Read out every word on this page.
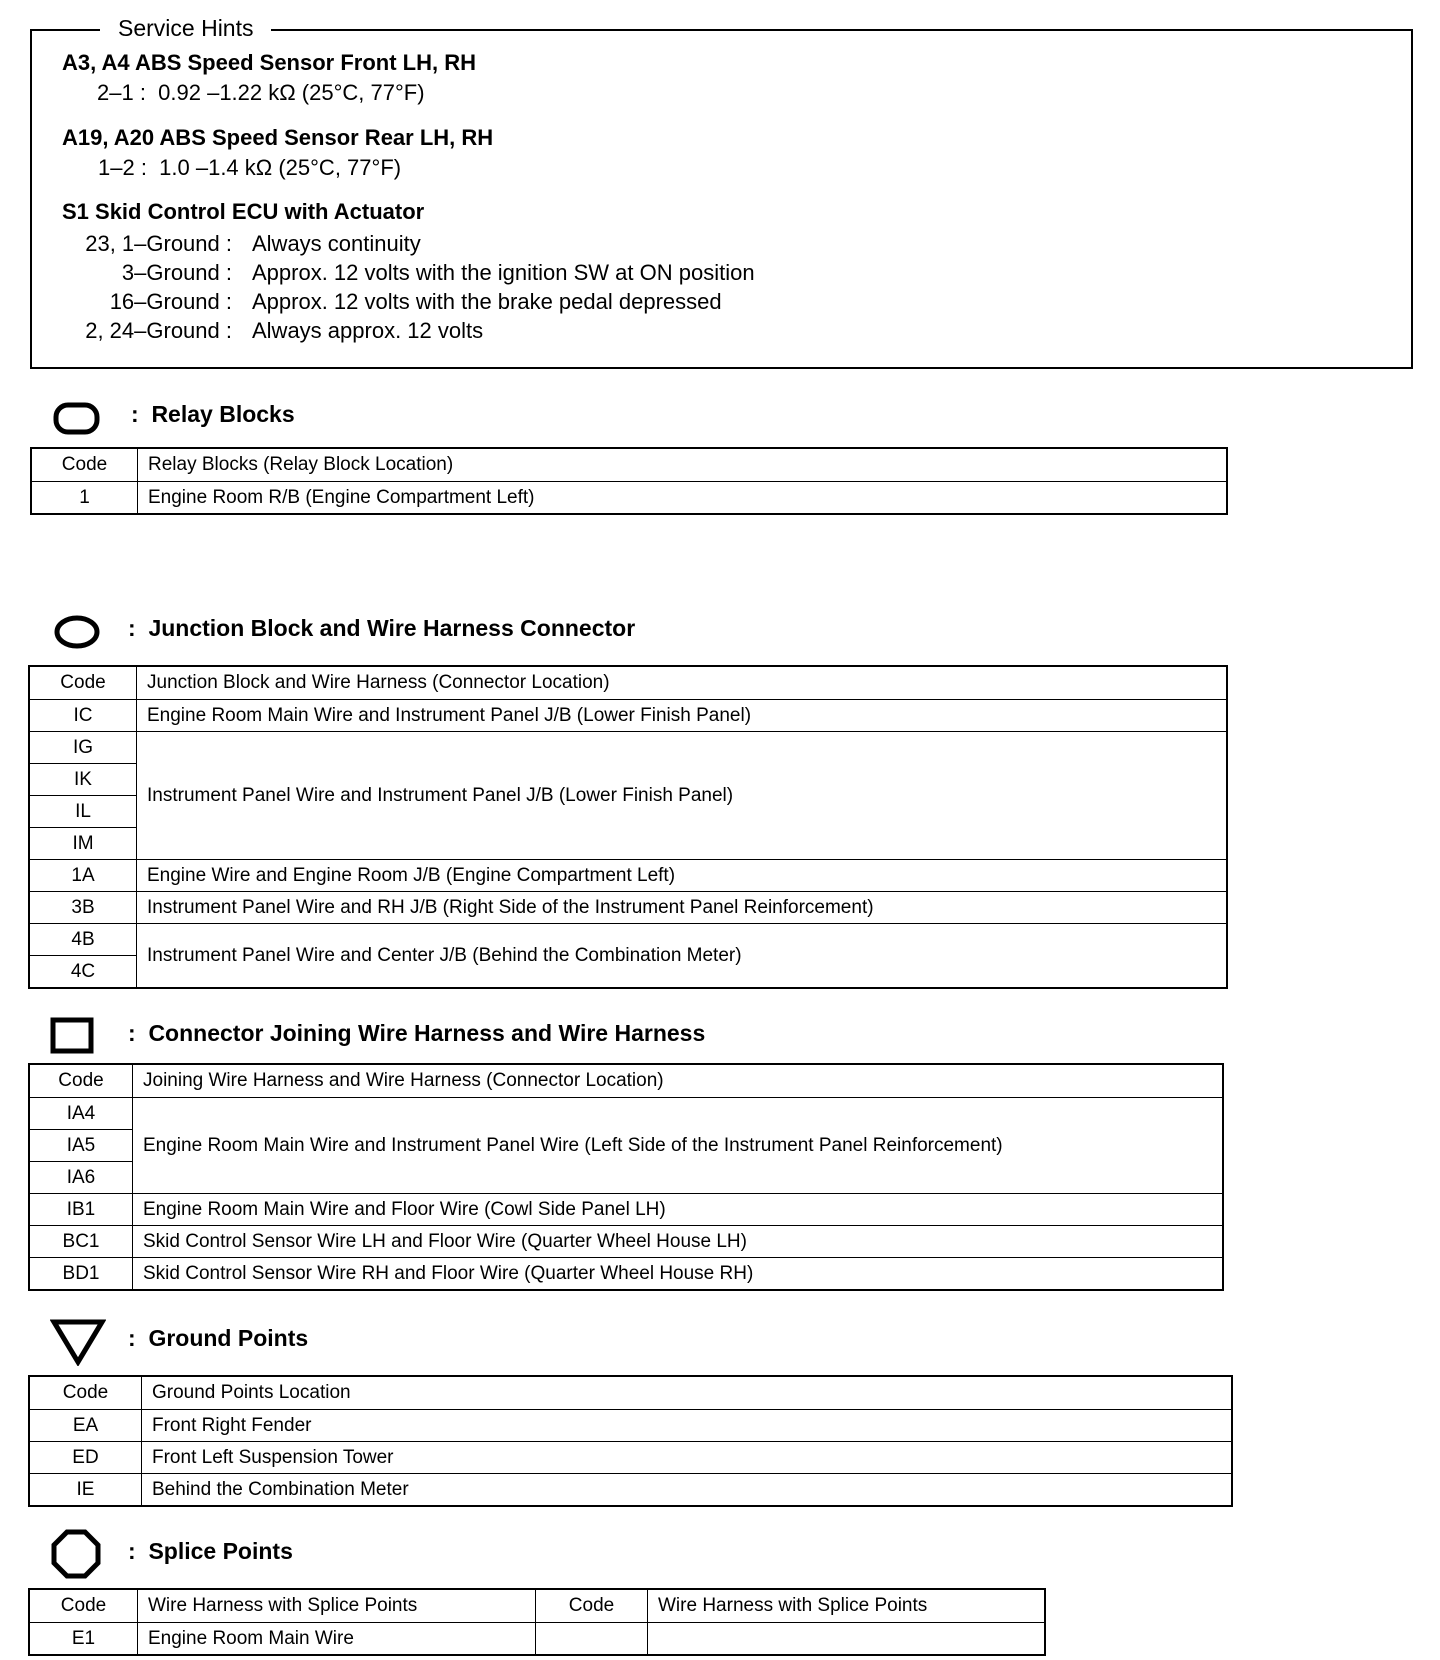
Service Hints
A3, A4 ABS Speed Sensor Front LH, RH
2–1 :  0.92 –1.22 kΩ (25°C, 77°F)
A19, A20 ABS Speed Sensor Rear LH, RH
1–2 :  1.0 –1.4 kΩ (25°C, 77°F)
S1 Skid Control ECU with Actuator
23, 1–Ground : Always continuity
3–Ground : Approx. 12 volts with the ignition SW at ON position
16–Ground : Approx. 12 volts with the brake pedal depressed
2, 24–Ground : Always approx. 12 volts
:  Relay Blocks
Code	Relay Blocks (Relay Block Location)
1	Engine Room R/B (Engine Compartment Left)
:  Junction Block and Wire Harness Connector
Code	Junction Block and Wire Harness (Connector Location)
IC	Engine Room Main Wire and Instrument Panel J/B (Lower Finish Panel)
IG	Instrument Panel Wire and Instrument Panel J/B (Lower Finish Panel)
IK	
IL	
IM	
1A	Engine Wire and Engine Room J/B (Engine Compartment Left)
3B	Instrument Panel Wire and RH J/B (Right Side of the Instrument Panel Reinforcement)
4B	Instrument Panel Wire and Center J/B (Behind the Combination Meter)
4C	
:  Connector Joining Wire Harness and Wire Harness
Code	Joining Wire Harness and Wire Harness (Connector Location)
IA4	Engine Room Main Wire and Instrument Panel Wire (Left Side of the Instrument Panel Reinforcement)
IA5	
IA6	
IB1	Engine Room Main Wire and Floor Wire (Cowl Side Panel LH)
BC1	Skid Control Sensor Wire LH and Floor Wire (Quarter Wheel House LH)
BD1	Skid Control Sensor Wire RH and Floor Wire (Quarter Wheel House RH)
:  Ground Points
Code	Ground Points Location
EA	Front Right Fender
ED	Front Left Suspension Tower
IE	Behind the Combination Meter
:  Splice Points
Code	Wire Harness with Splice Points	Code	Wire Harness with Splice Points
E1	Engine Room Main Wire		
